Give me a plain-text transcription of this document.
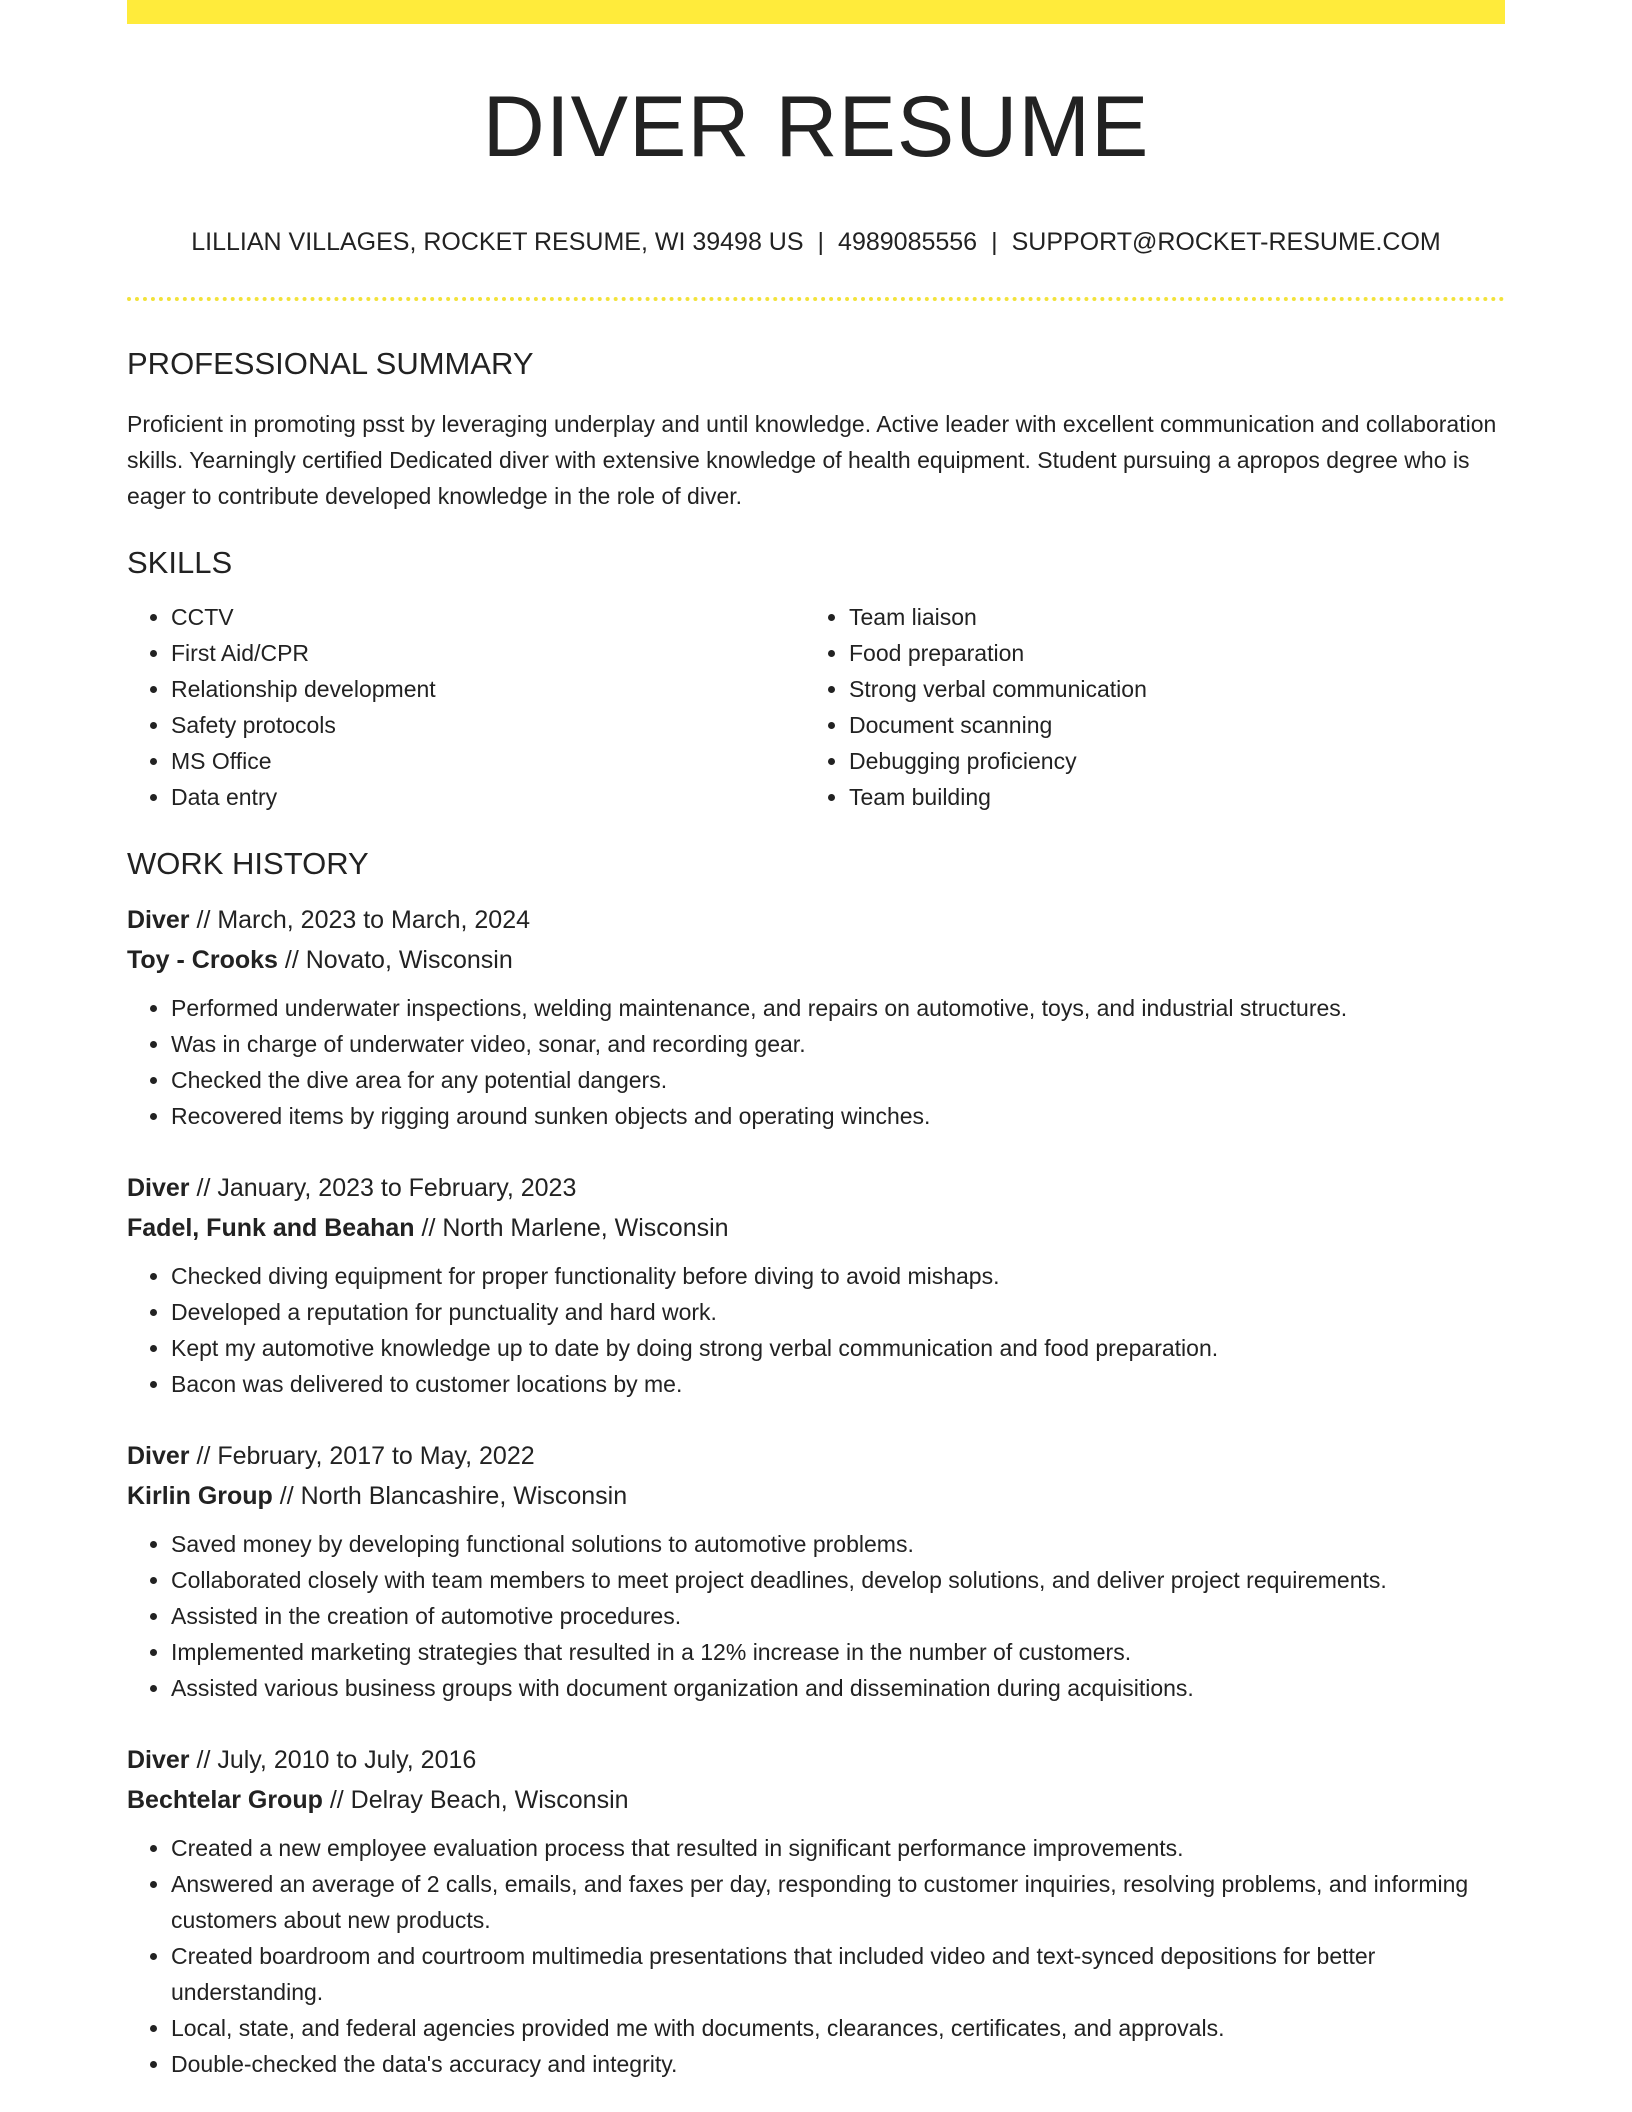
DIVER RESUME
LILLIAN VILLAGES, ROCKET RESUME, WI 39498 US | 4989085556 | SUPPORT@ROCKET-RESUME.COM
PROFESSIONAL SUMMARY

Proficient in promoting psst by leveraging underplay and until knowledge. Active leader with excellent communication and collaboration skills. Yearningly certified Dedicated diver with extensive knowledge of health equipment. Student pursuing a apropos degree who is eager to contribute developed knowledge in the role of diver.

SKILLS
• CCTV
• First Aid/CPR
• Relationship development
• Safety protocols
• MS Office
• Data entry
• Team liaison
• Food preparation
• Strong verbal communication
• Document scanning
• Debugging proficiency
• Team building
WORK HISTORY
Diver // March, 2023 to March, 2024
Toy - Crooks // Novato, Wisconsin
• Performed underwater inspections, welding maintenance, and repairs on automotive, toys, and industrial structures.
• Was in charge of underwater video, sonar, and recording gear.
• Checked the dive area for any potential dangers.
• Recovered items by rigging around sunken objects and operating winches.
Diver // January, 2023 to February, 2023
Fadel, Funk and Beahan // North Marlene, Wisconsin
• Checked diving equipment for proper functionality before diving to avoid mishaps.
• Developed a reputation for punctuality and hard work.
• Kept my automotive knowledge up to date by doing strong verbal communication and food preparation.
• Bacon was delivered to customer locations by me.
Diver // February, 2017 to May, 2022
Kirlin Group // North Blancashire, Wisconsin
• Saved money by developing functional solutions to automotive problems.
• Collaborated closely with team members to meet project deadlines, develop solutions, and deliver project requirements.
• Assisted in the creation of automotive procedures.
• Implemented marketing strategies that resulted in a 12% increase in the number of customers.
• Assisted various business groups with document organization and dissemination during acquisitions.
Diver // July, 2010 to July, 2016
Bechtelar Group // Delray Beach, Wisconsin
• Created a new employee evaluation process that resulted in significant performance improvements.
• Answered an average of 2 calls, emails, and faxes per day, responding to customer inquiries, resolving problems, and informing customers about new products.
• Created boardroom and courtroom multimedia presentations that included video and text-synced depositions for better understanding.
• Local, state, and federal agencies provided me with documents, clearances, certificates, and approvals.
• Double-checked the data's accuracy and integrity.
